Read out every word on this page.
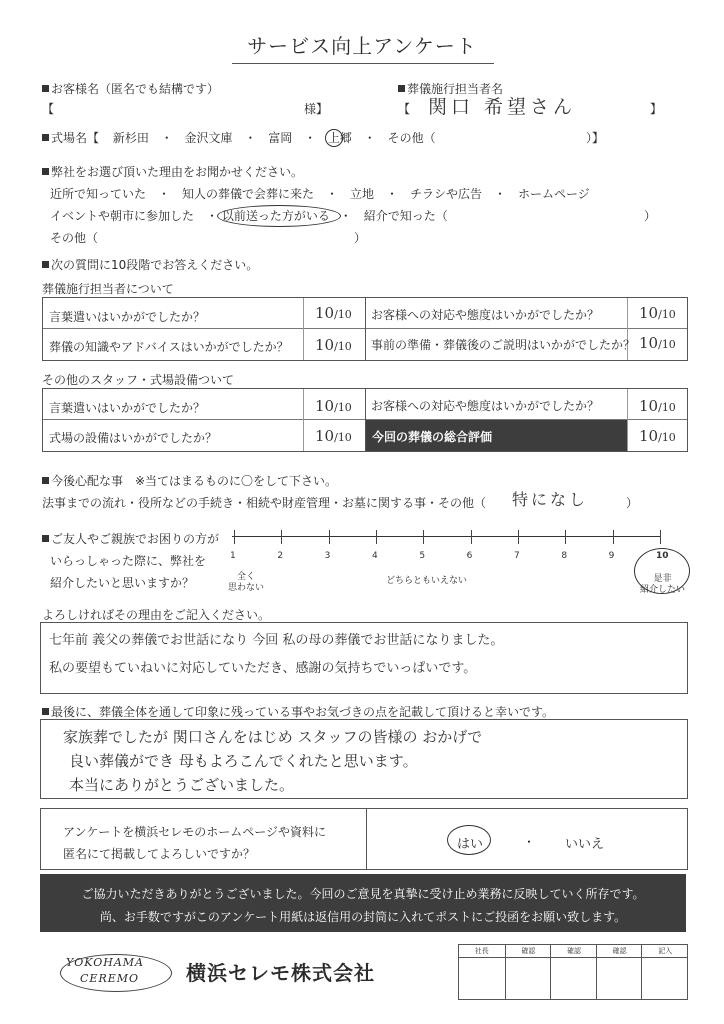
サービス向上アンケート
お客様名（匿名でも結構です）
【	様】
葬儀施行担当者名
【 関口 希望さん	】
式場名【 新杉田 ・ 金沢文庫 ・ 富岡 ・ 上郷 ・ その他（	）】
弊社をお選び頂いた理由をお聞かせください。
近所で知っていた　・　知人の葬儀で会葬に来た　・　立地　・　チラシや広告　・　ホームページ
イベントや朝市に参加した　・ 以前送った方がいる ・　紹介で知った（	）
その他（	）
次の質問に10段階でお答えください。
葬儀施行担当者について
言葉遣いはいかがでしたか？	10/10 お客様への対応や態度はいかがでしたか？	10/10
葬儀の知識やアドバイスはいかがでしたか？ 10/10 事前の準備・葬儀後のご説明はいかがでしたか？ 10/10
その他のスタッフ・式場設備ついて
言葉遣いはいかがでしたか？	10/10 お客様への対応や態度はいかがでしたか？	10/10
式場の設備はいかがでしたか？	10/10 今回の葬儀の総合評価	10/10
今後心配な事　※当てはまるものに〇をして下さい。
法事までの流れ・役所などの手続き・相続や財産管理・お墓に関する事・その他（ 特になし	）
ご友人やご親族でお困りの方が
いらっしゃった際に、弊社を
紹介したいと思いますか？	全く
思わない
どちらともいえない	是非
紹介したい
よろしければその理由をご記入ください。
七年前 義父の葬儀でお世話になり 今回 私の母の葬儀でお世話になりました。
私の要望もていねいに対応していただき、感謝の気持ちでいっぱいです。
最後に、葬儀全体を通して印象に残っている事やお気づきの点を記載して頂けると幸いです。
家族葬でしたが 関口さんをはじめ スタッフの皆様の おかげで
良い葬儀ができ 母もよろこんでくれたと思います。
本当にありがとうございました。
アンケートを横浜セレモのホームページや資料に
匿名にて掲載してよろしいですか？
はい	・ いいえ
ご協力いただきありがとうございました。今回のご意見を真摯に受け止め業務に反映していく所存です。
尚、お手数ですがこのアンケート用紙は返信用の封筒に入れてポストにご投函をお願い致します。
YOKOHAMA
CEREMO 横浜セレモ株式会社
社長	確認	確認	確認	記入
1	2	3	4	5	6	7	8	9	10
